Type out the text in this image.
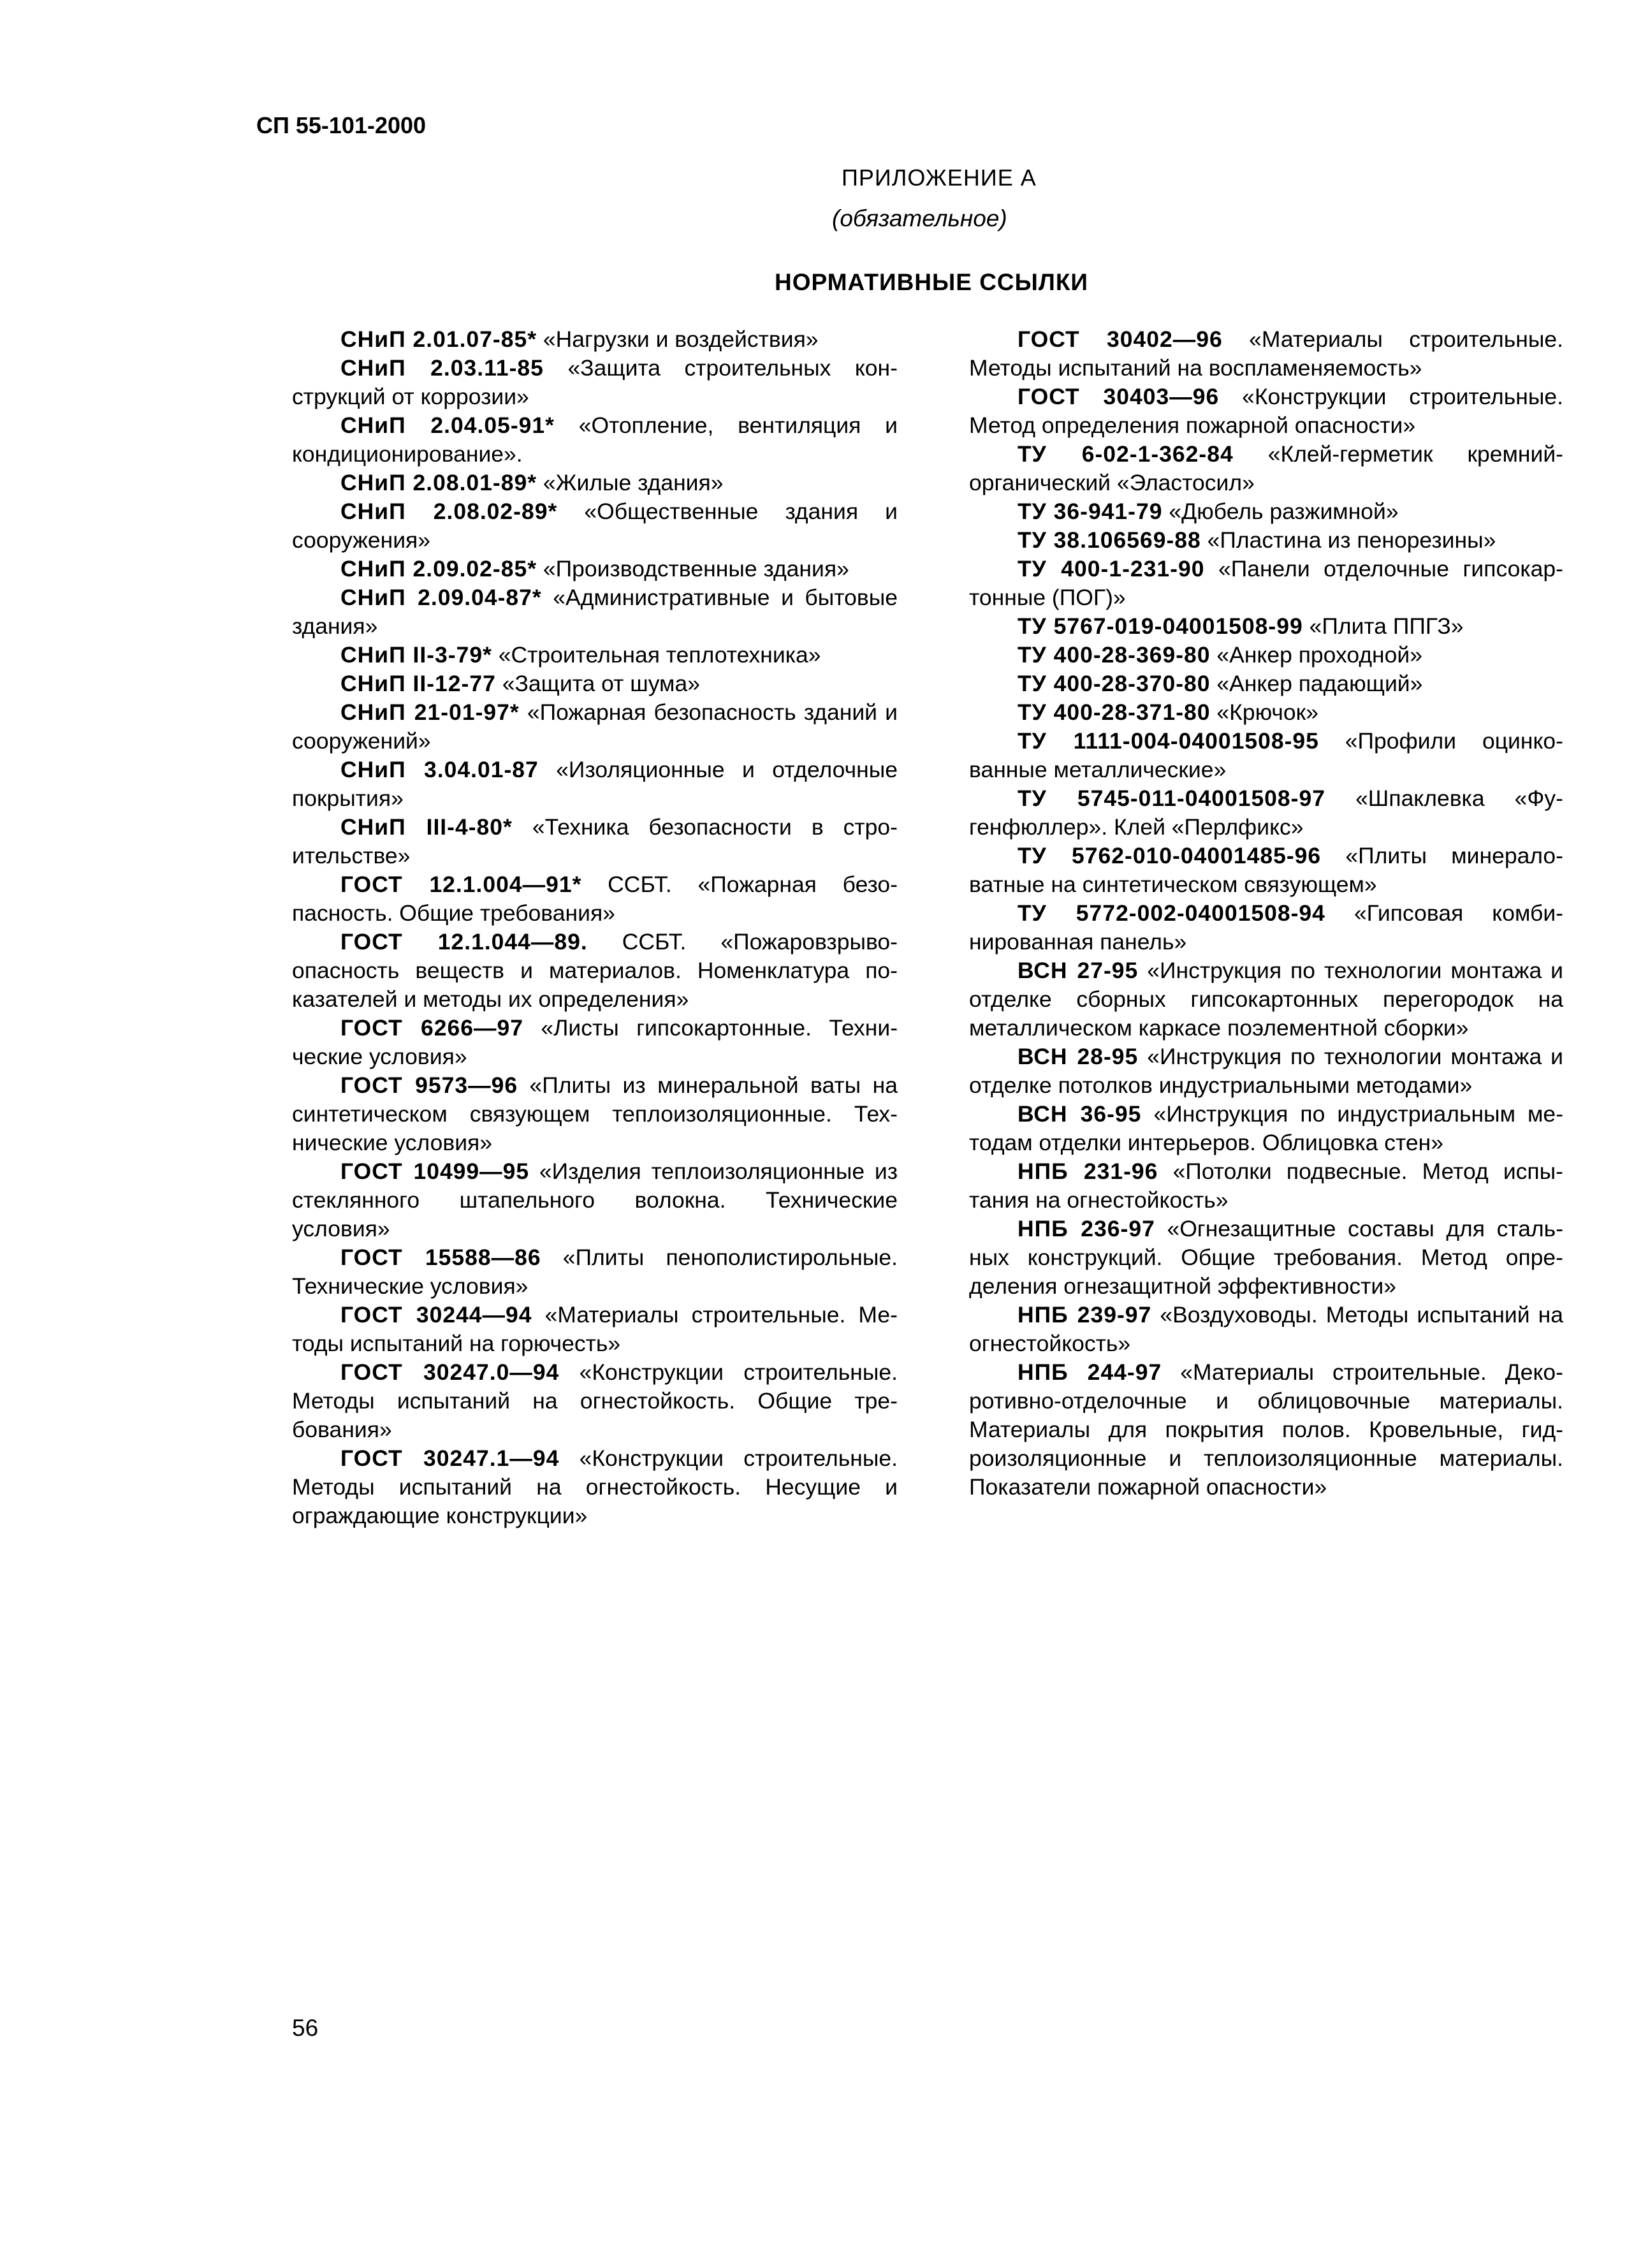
СП 55-101-2000
ПРИЛОЖЕНИЕ А
(обязательное)
НОРМАТИВНЫЕ ССЫЛКИ

СНиП 2.01.07-85* «Нагрузки и воздействия»

СНиП 2.03.11-85 «Защита строительных конструкций от коррозии»

СНиП 2.04.05-91* «Отопление, вентиляция и кондиционирование».

СНиП 2.08.01-89* «Жилые здания»

СНиП 2.08.02-89* «Общественные здания и сооружения»

СНиП 2.09.02-85* «Производственные здания»

СНиП 2.09.04-87* «Административные и бытовые здания»

СНиП II-3-79* «Строительная теплотехника»

СНиП II-12-77 «Защита от шума»

СНиП 21-01-97* «Пожарная безопасность зданий и сооружений»

СНиП 3.04.01-87 «Изоляционные и отделочные покрытия»

СНиП III-4-80* «Техника безопасности в строительстве»

ГОСТ 12.1.004—91* ССБТ. «Пожарная безопасность. Общие требования»

ГОСТ 12.1.044—89. ССБТ. «Пожаровзрывоопасность веществ и материалов. Номенклатура показателей и методы их определения»

ГОСТ 6266—97 «Листы гипсокартонные. Технические условия»

ГОСТ 9573—96 «Плиты из минеральной ваты на синтетическом связующем теплоизоляционные. Технические условия»

ГОСТ 10499—95 «Изделия теплоизоляционные из стеклянного штапельного волокна. Технические условия»

ГОСТ 15588—86 «Плиты пенополистирольные. Технические условия»

ГОСТ 30244—94 «Материалы строительные. Методы испытаний на горючесть»

ГОСТ 30247.0—94 «Конструкции строительные. Методы испытаний на огнестойкость. Общие требования»

ГОСТ 30247.1—94 «Конструкции строительные. Методы испытаний на огнестойкость. Несущие и ограждающие конструкции»

ГОСТ 30402—96 «Материалы строительные. Методы испытаний на воспламеняемость»

ГОСТ 30403—96 «Конструкции строительные. Метод определения пожарной опасности»

ТУ 6-02-1-362-84 «Клей-герметик кремнийорганический «Эластосил»

ТУ 36-941-79 «Дюбель разжимной»

ТУ 38.106569-88 «Пластина из пенорезины»

ТУ 400-1-231-90 «Панели отделочные гипсокартонные (ПОГ)»

ТУ 5767-019-04001508-99 «Плита ППГЗ»

ТУ 400-28-369-80 «Анкер проходной»

ТУ 400-28-370-80 «Анкер падающий»

ТУ 400-28-371-80 «Крючок»

ТУ 1111-004-04001508-95 «Профили оцинкованные металлические»

ТУ 5745-011-04001508-97 «Шпаклевка «Фугенфюллер». Клей «Перлфикс»

ТУ 5762-010-04001485-96 «Плиты минераловатные на синтетическом связующем»

ТУ 5772-002-04001508-94 «Гипсовая комбинированная панель»

ВСН 27-95 «Инструкция по технологии монтажа и отделке сборных гипсокартонных перегородок на металлическом каркасе поэлементной сборки»

ВСН 28-95 «Инструкция по технологии монтажа и отделке потолков индустриальными методами»

ВСН 36-95 «Инструкция по индустриальным методам отделки интерьеров. Облицовка стен»

НПБ 231-96 «Потолки подвесные. Метод испытания на огнестойкость»

НПБ 236-97 «Огнезащитные составы для стальных конструкций. Общие требования. Метод определения огнезащитной эффективности»

НПБ 239-97 «Воздуховоды. Методы испытаний на огнестойкость»

НПБ 244-97 «Материалы строительные. Декоротивно-отделочные и облицовочные материалы. Материалы для покрытия полов. Кровельные, гидроизоляционные и теплоизоляционные материалы. Показатели пожарной опасности»

56
